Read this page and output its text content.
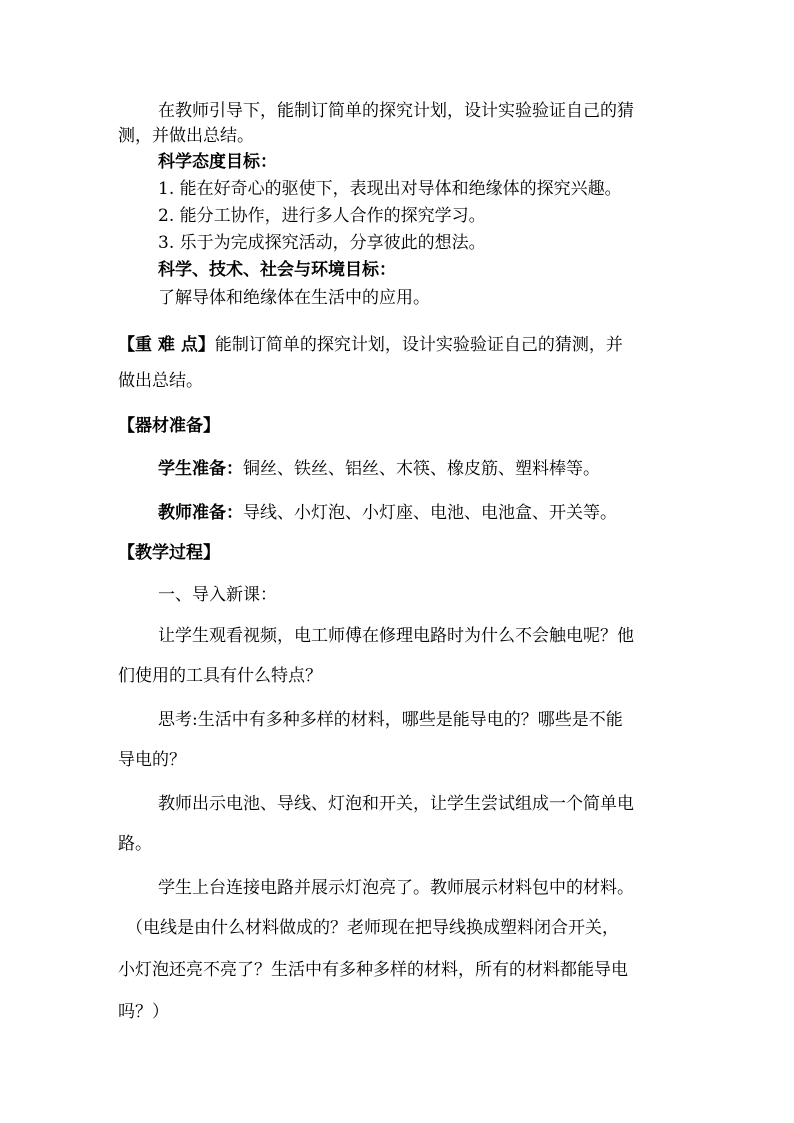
在教师引导下，能制订简单的探究计划，设计实验验证自己的猜
测，并做出总结。
科学态度目标：
1. 能在好奇心的驱使下，表现出对导体和绝缘体的探究兴趣。
2. 能分工协作，进行多人合作的探究学习。
3. 乐于为完成探究活动，分享彼此的想法。
科学、技术、社会与环境目标：
了解导体和绝缘体在生活中的应用。
【重 难 点】能制订简单的探究计划，设计实验验证自己的猜测，并
做出总结。
【器材准备】
学生准备：铜丝、铁丝、铝丝、木筷、橡皮筋、塑料棒等。
教师准备：导线、小灯泡、小灯座、电池、电池盒、开关等。
【教学过程】
一、导入新课：
让学生观看视频，电工师傅在修理电路时为什么不会触电呢？他
们使用的工具有什么特点？
思考:生活中有多种多样的材料，哪些是能导电的？哪些是不能
导电的？
教师出示电池、导线、灯泡和开关，让学生尝试组成一个简单电
路。
学生上台连接电路并展示灯泡亮了。教师展示材料包中的材料。
（电线是由什么材料做成的？老师现在把导线换成塑料闭合开关，
小灯泡还亮不亮了？生活中有多种多样的材料，所有的材料都能导电
吗？）
